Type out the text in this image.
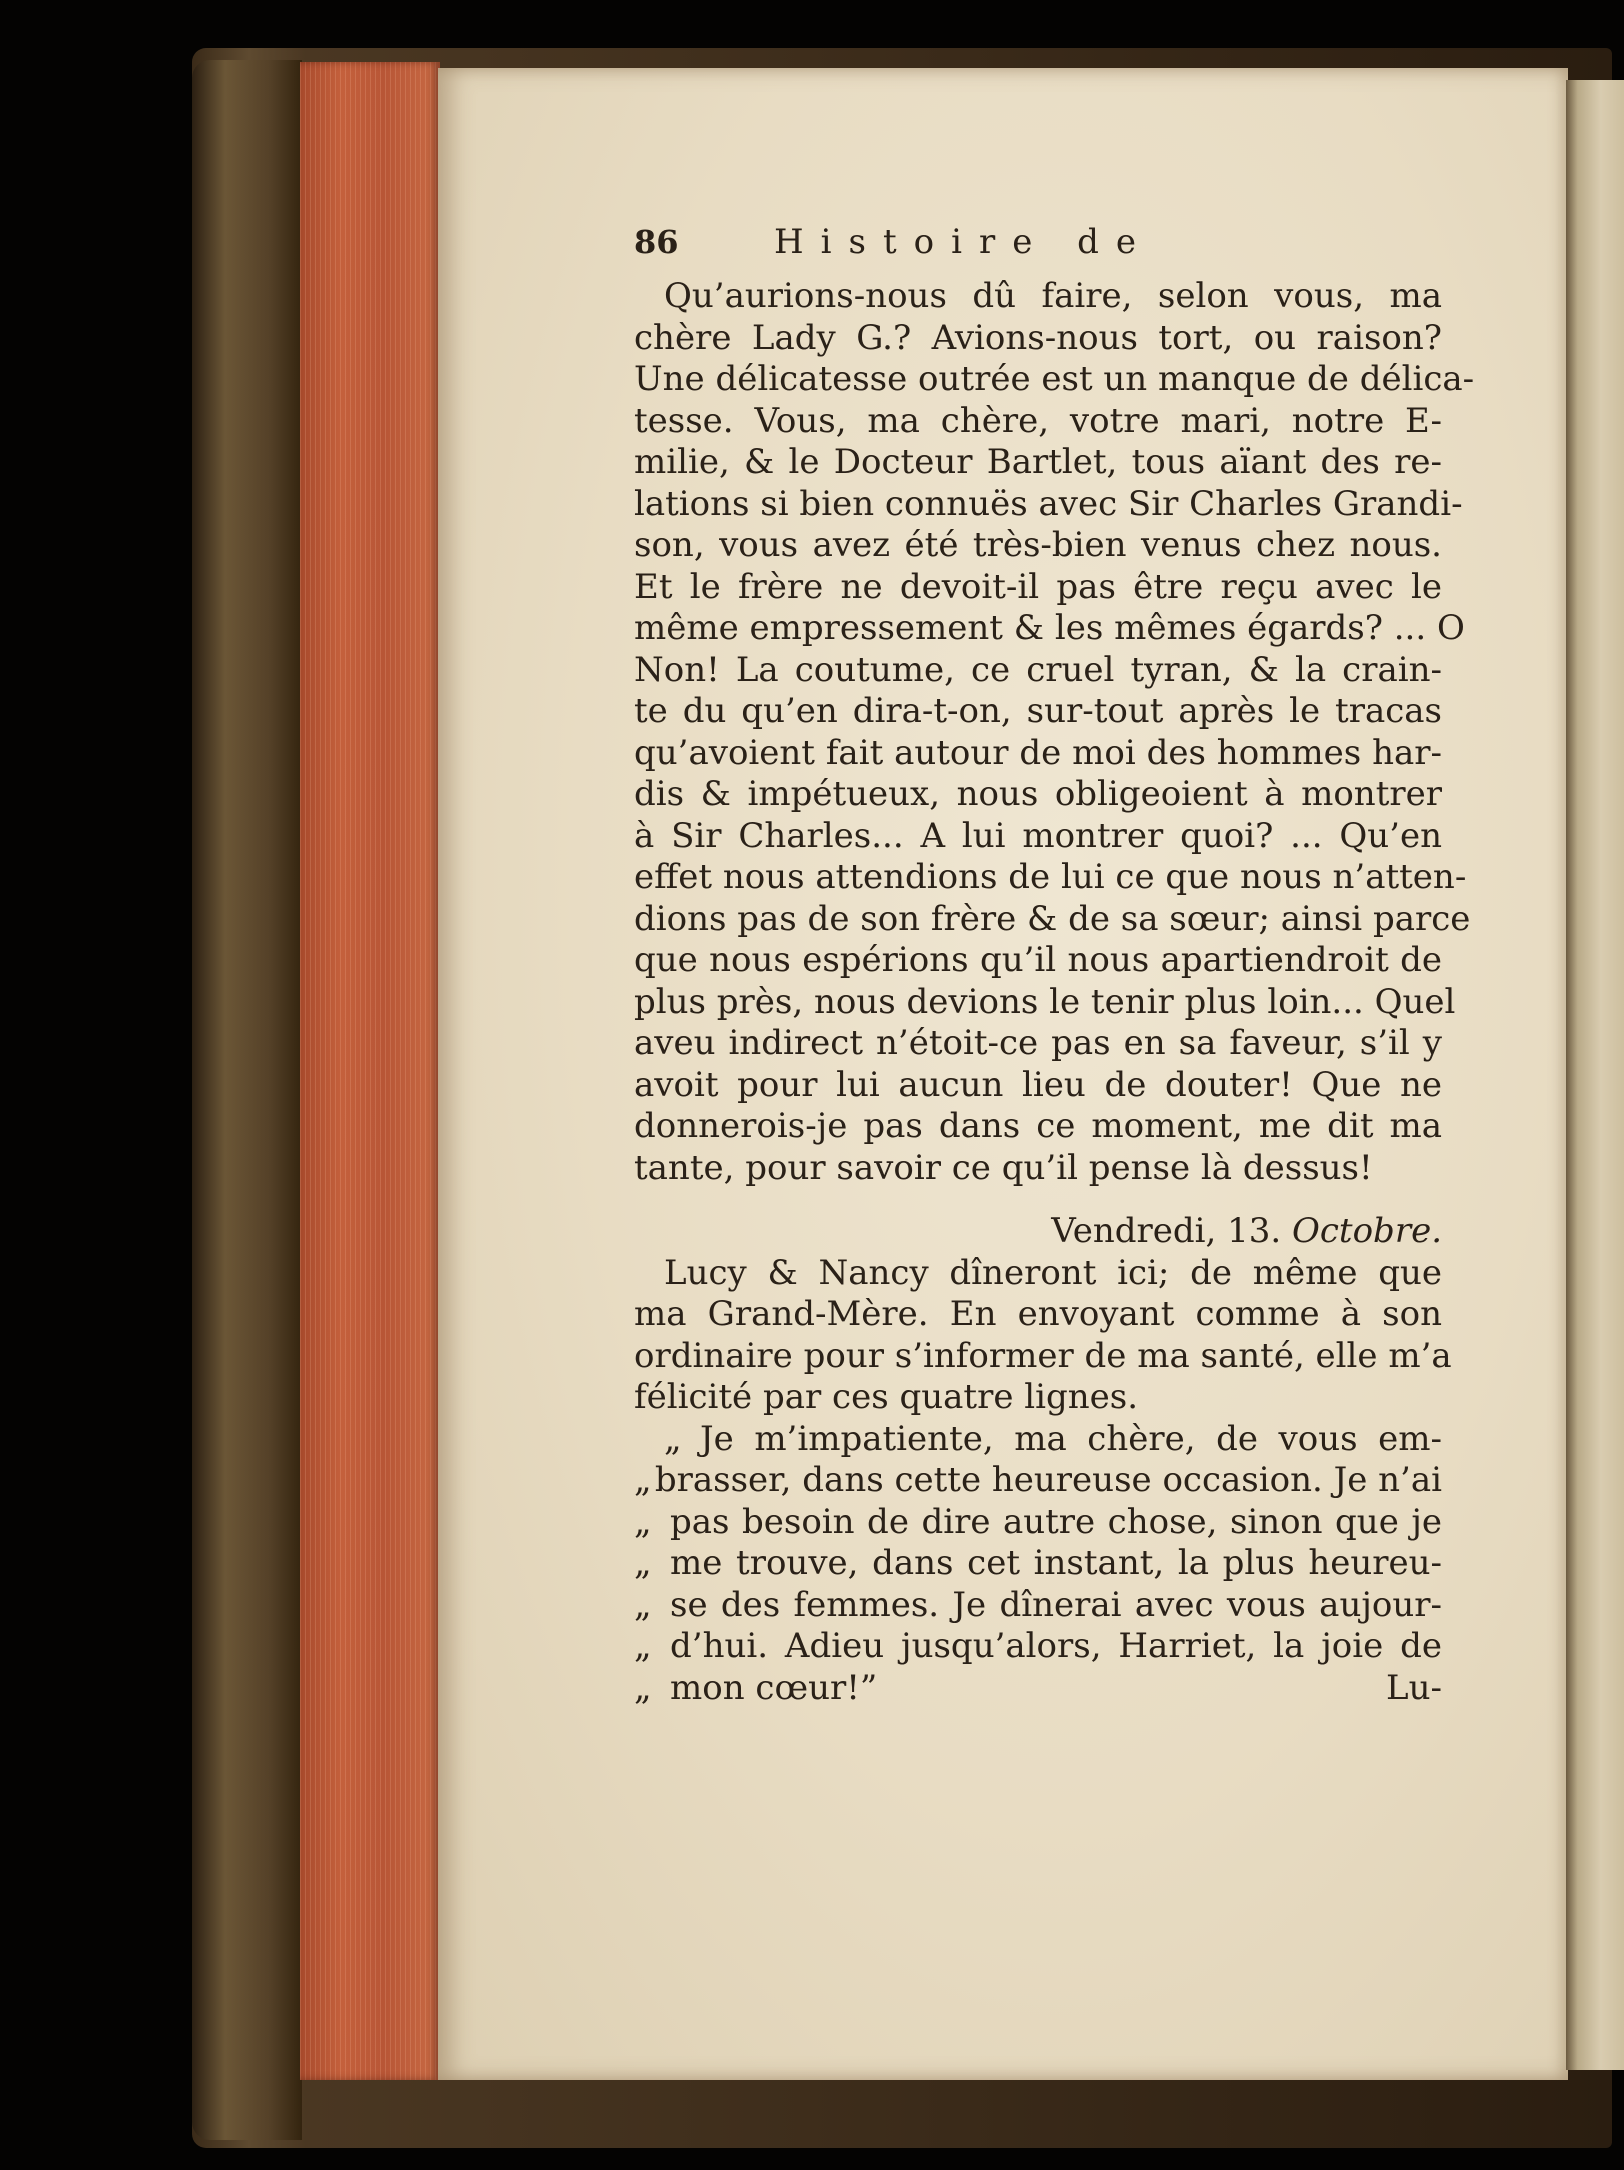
86	Histoire de
Qu’aurions-nous dû faire, selon vous, ma
chère Lady G.? Avions-nous tort, ou raison?
Une délicatesse outrée est un manque de délica-
tesse. Vous, ma chère, votre mari, notre E-
milie, & le Docteur Bartlet, tous aïant des re-
lations si bien connuës avec Sir Charles Grandi-
son, vous avez été très-bien venus chez nous.
Et le frère ne devoit-il pas être reçu avec le
même empressement & les mêmes égards? ... O
Non! La coutume, ce cruel tyran, & la crain-
te du qu’en dira-t-on, sur-tout après le tracas
qu’avoient fait autour de moi des hommes har-
dis & impétueux, nous obligeoient à montrer
à Sir Charles... A lui montrer quoi? ... Qu’en
effet nous attendions de lui ce que nous n’atten-
dions pas de son frère & de sa sœur; ainsi parce
que nous espérions qu’il nous apartiendroit de
plus près, nous devions le tenir plus loin... Quel
aveu indirect n’étoit-ce pas en sa faveur, s’il y
avoit pour lui aucun lieu de douter! Que ne
donnerois-je pas dans ce moment, me dit ma
tante, pour savoir ce qu’il pense là dessus!
Vendredi, 13. Octobre.
Lucy & Nancy dîneront ici; de même que
ma Grand-Mère. En envoyant comme à son
ordinaire pour s’informer de ma santé, elle m’a
félicité par ces quatre lignes.
„ Je m’impatiente, ma chère, de vous em-
„ brasser, dans cette heureuse occasion. Je n’ai
„ pas besoin de dire autre chose, sinon que je
„ me trouve, dans cet instant, la plus heureu-
„ se des femmes. Je dînerai avec vous aujour-
„ d’hui. Adieu jusqu’alors, Harriet, la joie de
„ mon cœur!”	Lu-
